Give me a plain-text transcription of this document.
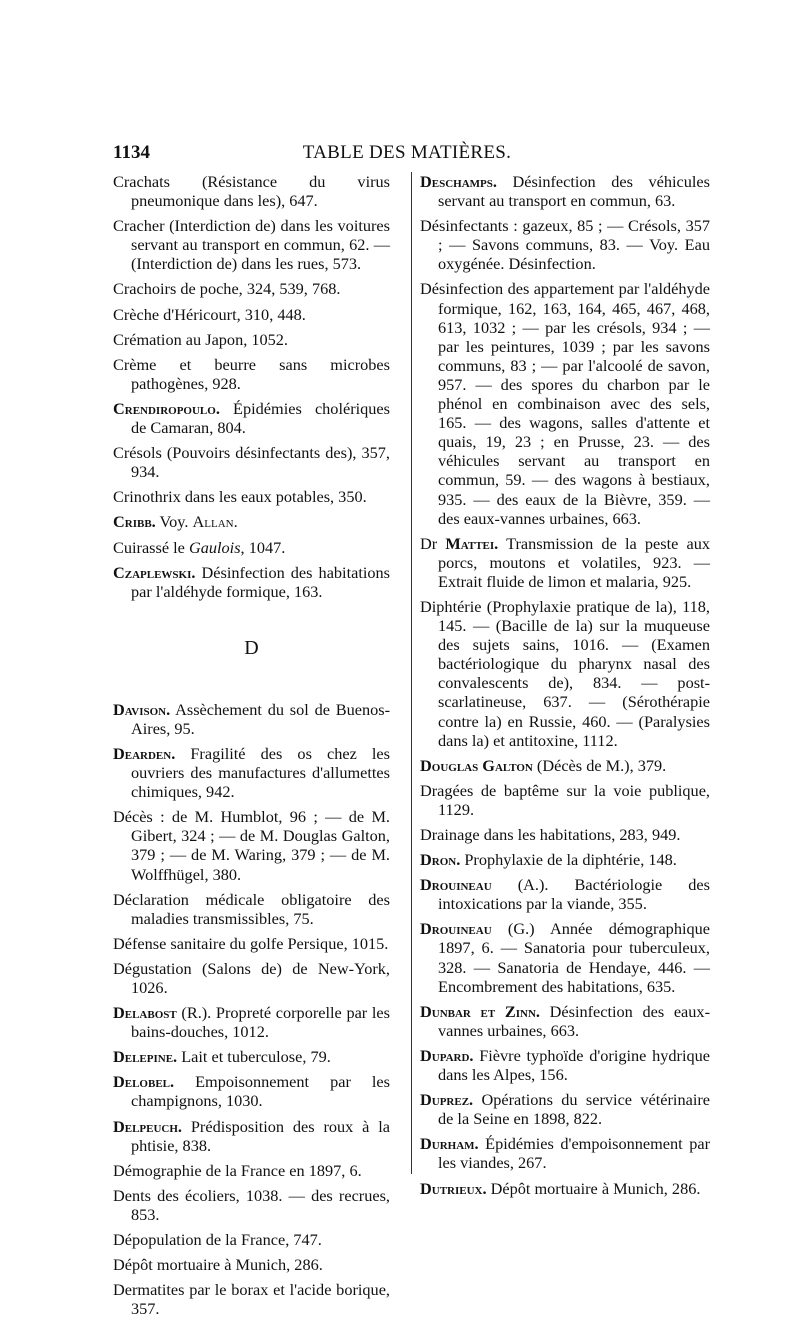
1134	TABLE DES MATIÈRES.

Crachats (Résistance du virus pneumonique dans les), 647.

Cracher (Interdiction de) dans les voitures servant au transport en commun, 62. — (Interdiction de) dans les rues, 573.

Crachoirs de poche, 324, 539, 768.

Crèche d'Héricourt, 310, 448.

Crémation au Japon, 1052.

Crème et beurre sans microbes pathogènes, 928.

Crendiropoulo. Épidémies cholériques de Camaran, 804.

Crésols (Pouvoirs désinfectants des), 357, 934.

Crinothrix dans les eaux potables, 350.

Cribb. Voy. Allan.

Cuirassé le Gaulois, 1047.

Czaplewski. Désinfection des habitations par l'aldéhyde formique, 163.

D

Davison. Assèchement du sol de Buenos-Aires, 95.

Dearden. Fragilité des os chez les ouvriers des manufactures d'allumettes chimiques, 942.

Décès : de M. Humblot, 96 ; — de M. Gibert, 324 ; — de M. Douglas Galton, 379 ; — de M. Waring, 379 ; — de M. Wolffhügel, 380.

Déclaration médicale obligatoire des maladies transmissibles, 75.

Défense sanitaire du golfe Persique, 1015.

Dégustation (Salons de) de New-York, 1026.

Delabost (R.). Propreté corporelle par les bains-douches, 1012.

Delepine. Lait et tuberculose, 79.

Delobel. Empoisonnement par les champignons, 1030.

Delpeuch. Prédisposition des roux à la phtisie, 838.

Démographie de la France en 1897, 6.

Dents des écoliers, 1038. — des recrues, 853.

Dépopulation de la France, 747.

Dépôt mortuaire à Munich, 286.

Dermatites par le borax et l'acide borique, 357.

Deschamps. Désinfection des véhicules servant au transport en commun, 63.

Désinfectants : gazeux, 85 ; — Crésols, 357 ; — Savons communs, 83. — Voy. Eau oxygénée. Désinfection.

Désinfection des appartement par l'aldéhyde formique, 162, 163, 164, 465, 467, 468, 613, 1032 ; — par les crésols, 934 ; — par les peintures, 1039 ; par les savons communs, 83 ; — par l'alcoolé de savon, 957. — des spores du charbon par le phénol en combinaison avec des sels, 165. — des wagons, salles d'attente et quais, 19, 23 ; en Prusse, 23. — des véhicules servant au transport en commun, 59. — des wagons à bestiaux, 935. — des eaux de la Bièvre, 359. — des eaux-vannes urbaines, 663.

Dr Mattei. Transmission de la peste aux porcs, moutons et volatiles, 923. — Extrait fluide de limon et malaria, 925.

Diphtérie (Prophylaxie pratique de la), 118, 145. — (Bacille de la) sur la muqueuse des sujets sains, 1016. — (Examen bactériologique du pharynx nasal des convalescents de), 834. — post-scarlatineuse, 637. — (Sérothérapie contre la) en Russie, 460. — (Paralysies dans la) et antitoxine, 1112.

Douglas Galton (Décès de M.), 379.

Dragées de baptême sur la voie publique, 1129.

Drainage dans les habitations, 283, 949.

Dron. Prophylaxie de la diphtérie, 148.

Drouineau (A.). Bactériologie des intoxications par la viande, 355.

Drouineau (G.) Année démographique 1897, 6. — Sanatoria pour tuberculeux, 328. — Sanatoria de Hendaye, 446. — Encombrement des habitations, 635.

Dunbar et Zinn. Désinfection des eaux-vannes urbaines, 663.

Dupard. Fièvre typhoïde d'origine hydrique dans les Alpes, 156.

Duprez. Opérations du service vétérinaire de la Seine en 1898, 822.

Durham. Épidémies d'empoisonnement par les viandes, 267.

Dutrieux. Dépôt mortuaire à Munich, 286.
